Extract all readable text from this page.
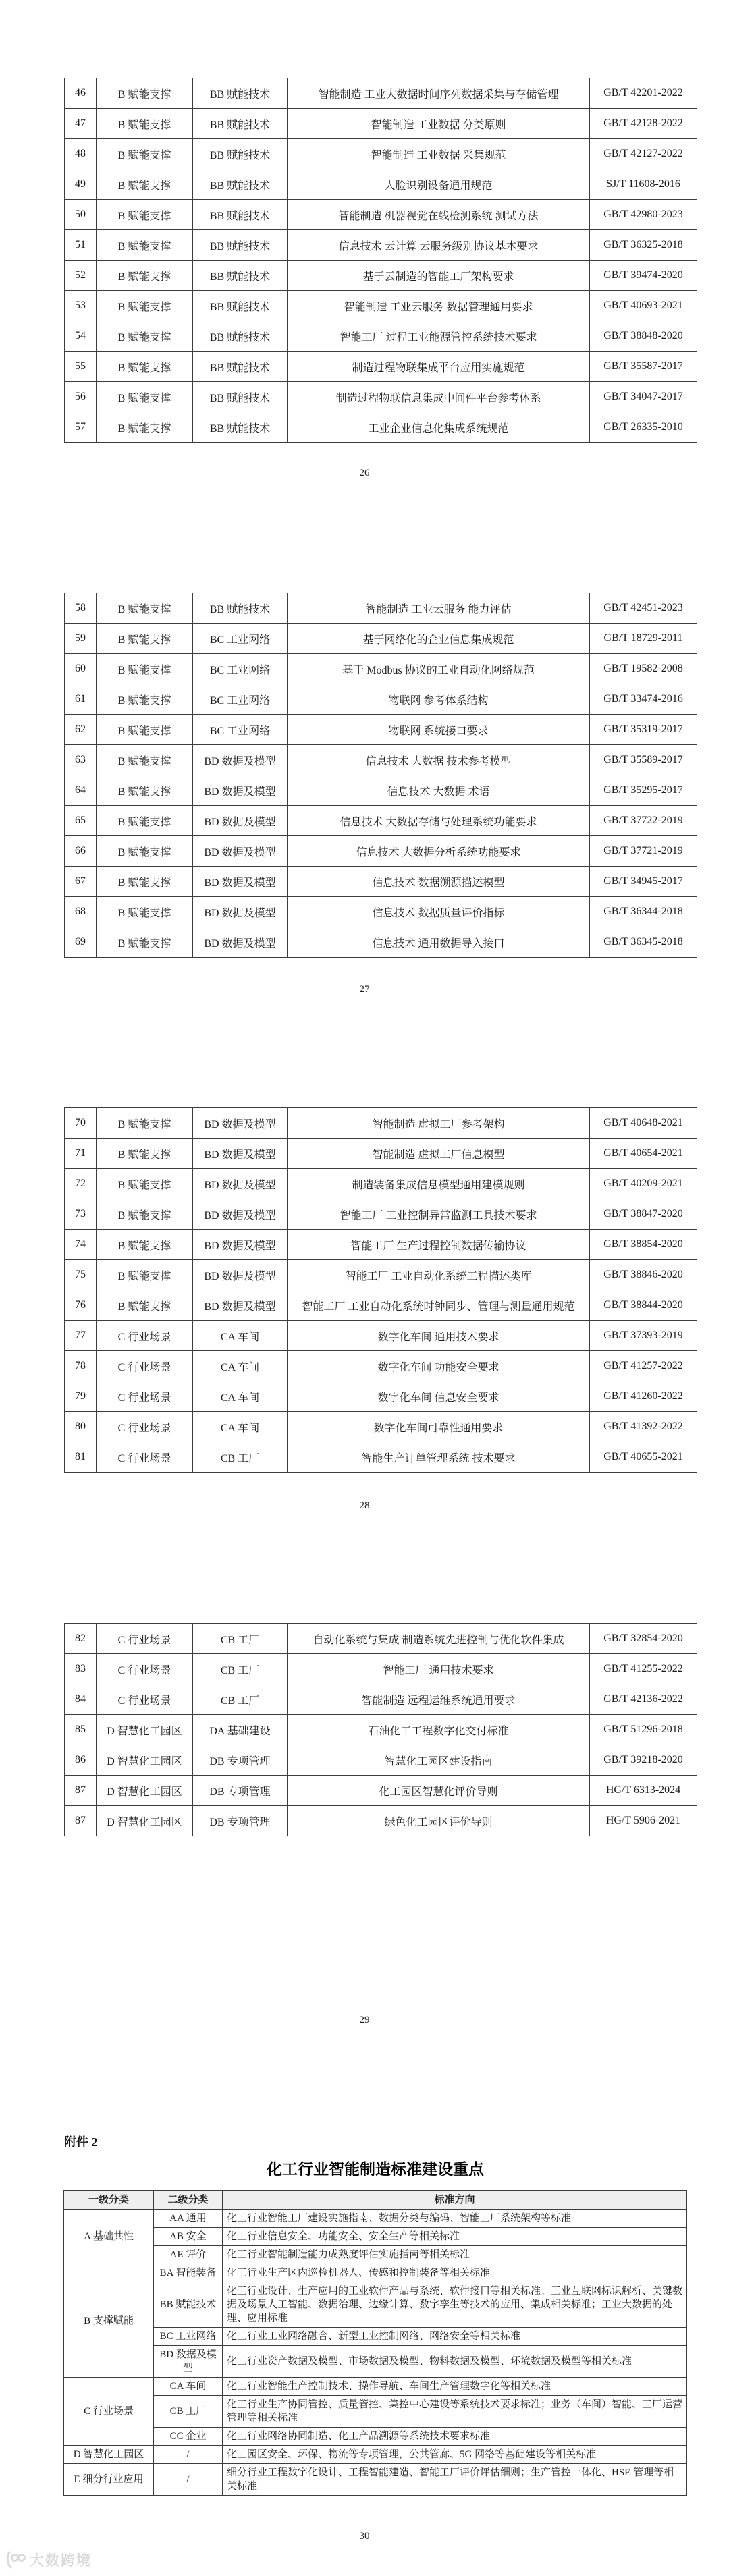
46	B 赋能支撑	BB 赋能技术	智能制造 工业大数据时间序列数据采集与存储管理	GB/T 42201-2022
47	B 赋能支撑	BB 赋能技术	智能制造 工业数据 分类原则	GB/T 42128-2022
48	B 赋能支撑	BB 赋能技术	智能制造 工业数据 采集规范	GB/T 42127-2022
49	B 赋能支撑	BB 赋能技术	人脸识别设备通用规范	SJ/T 11608-2016
50	B 赋能支撑	BB 赋能技术	智能制造 机器视觉在线检测系统 测试方法	GB/T 42980-2023
51	B 赋能支撑	BB 赋能技术	信息技术 云计算 云服务级别协议基本要求	GB/T 36325-2018
52	B 赋能支撑	BB 赋能技术	基于云制造的智能工厂架构要求	GB/T 39474-2020
53	B 赋能支撑	BB 赋能技术	智能制造 工业云服务 数据管理通用要求	GB/T 40693-2021
54	B 赋能支撑	BB 赋能技术	智能工厂 过程工业能源管控系统技术要求	GB/T 38848-2020
55	B 赋能支撑	BB 赋能技术	制造过程物联集成平台应用实施规范	GB/T 35587-2017
56	B 赋能支撑	BB 赋能技术	制造过程物联信息集成中间件平台参考体系	GB/T 34047-2017
57	B 赋能支撑	BB 赋能技术	工业企业信息化集成系统规范	GB/T 26335-2010
26
58	B 赋能支撑	BB 赋能技术	智能制造 工业云服务 能力评估	GB/T 42451-2023
59	B 赋能支撑	BC 工业网络	基于网络化的企业信息集成规范	GB/T 18729-2011
60	B 赋能支撑	BC 工业网络	基于 Modbus 协议的工业自动化网络规范	GB/T 19582-2008
61	B 赋能支撑	BC 工业网络	物联网 参考体系结构	GB/T 33474-2016
62	B 赋能支撑	BC 工业网络	物联网 系统接口要求	GB/T 35319-2017
63	B 赋能支撑	BD 数据及模型	信息技术 大数据 技术参考模型	GB/T 35589-2017
64	B 赋能支撑	BD 数据及模型	信息技术 大数据 术语	GB/T 35295-2017
65	B 赋能支撑	BD 数据及模型	信息技术 大数据存储与处理系统功能要求	GB/T 37722-2019
66	B 赋能支撑	BD 数据及模型	信息技术 大数据分析系统功能要求	GB/T 37721-2019
67	B 赋能支撑	BD 数据及模型	信息技术 数据溯源描述模型	GB/T 34945-2017
68	B 赋能支撑	BD 数据及模型	信息技术 数据质量评价指标	GB/T 36344-2018
69	B 赋能支撑	BD 数据及模型	信息技术 通用数据导入接口	GB/T 36345-2018
27
70	B 赋能支撑	BD 数据及模型	智能制造 虚拟工厂参考架构	GB/T 40648-2021
71	B 赋能支撑	BD 数据及模型	智能制造 虚拟工厂信息模型	GB/T 40654-2021
72	B 赋能支撑	BD 数据及模型	制造装备集成信息模型通用建模规则	GB/T 40209-2021
73	B 赋能支撑	BD 数据及模型	智能工厂 工业控制异常监测工具技术要求	GB/T 38847-2020
74	B 赋能支撑	BD 数据及模型	智能工厂 生产过程控制数据传输协议	GB/T 38854-2020
75	B 赋能支撑	BD 数据及模型	智能工厂 工业自动化系统工程描述类库	GB/T 38846-2020
76	B 赋能支撑	BD 数据及模型	智能工厂 工业自动化系统时钟同步、管理与测量通用规范	GB/T 38844-2020
77	C 行业场景	CA 车间	数字化车间 通用技术要求	GB/T 37393-2019
78	C 行业场景	CA 车间	数字化车间 功能安全要求	GB/T 41257-2022
79	C 行业场景	CA 车间	数字化车间 信息安全要求	GB/T 41260-2022
80	C 行业场景	CA 车间	数字化车间可靠性通用要求	GB/T 41392-2022
81	C 行业场景	CB 工厂	智能生产订单管理系统 技术要求	GB/T 40655-2021
28
82	C 行业场景	CB 工厂	自动化系统与集成 制造系统先进控制与优化软件集成	GB/T 32854-2020
83	C 行业场景	CB 工厂	智能工厂 通用技术要求	GB/T 41255-2022
84	C 行业场景	CB 工厂	智能制造 远程运维系统通用要求	GB/T 42136-2022
85	D 智慧化工园区	DA 基础建设	石油化工工程数字化交付标准	GB/T 51296-2018
86	D 智慧化工园区	DB 专项管理	智慧化工园区建设指南	GB/T 39218-2020
87	D 智慧化工园区	DB 专项管理	化工园区智慧化评价导则	HG/T 6313-2024
87	D 智慧化工园区	DB 专项管理	绿色化工园区评价导则	HG/T 5906-2021
29
附件 2
化工行业智能制造标准建设重点
一级分类	二级分类	标准方向
A 基础共性	AA 通用	化工行业智能工厂建设实施指南、数据分类与编码、智能工厂系统架构等标准
	AB 安全	化工行业信息安全、功能安全、安全生产等相关标准
	AE 评价	化工行业智能制造能力成熟度评估实施指南等相关标准
B 支撑赋能	BA 智能装备	化工行业生产区内巡检机器人、传感和控制装备等相关标准
	BB 赋能技术	化工行业设计、生产应用的工业软件产品与系统、软件接口等相关标准；工业互联网标识解析、关键数据及场景人工智能、数据治理、边缘计算、数字孪生等技术的应用、集成相关标准；工业大数据的处理、应用标准
	BC 工业网络	化工行业工业网络融合、新型工业控制网络、网络安全等相关标准
	BD 数据及模型	化工行业资产数据及模型、市场数据及模型、物料数据及模型、环境数据及模型等相关标准
C 行业场景	CA 车间	化工行业智能生产控制技术、操作导航、车间生产管理数字化等相关标准
	CB 工厂	化工行业生产协同管控、质量管控、集控中心建设等系统技术要求标准；业务（车间）智能、工厂运营管理等相关标准
	CC 企业	化工行业网络协同制造、化工产品溯源等系统技术要求标准
D 智慧化工园区	/	化工园区安全、环保、物流等专项管理，公共管廊、5G 网络等基础建设等相关标准
E 细分行业应用	/	细分行业工程数字化设计、工程智能建造、智能工厂评价评估细则；生产管控一体化、HSE 管理等相关标准
30
大数跨境
